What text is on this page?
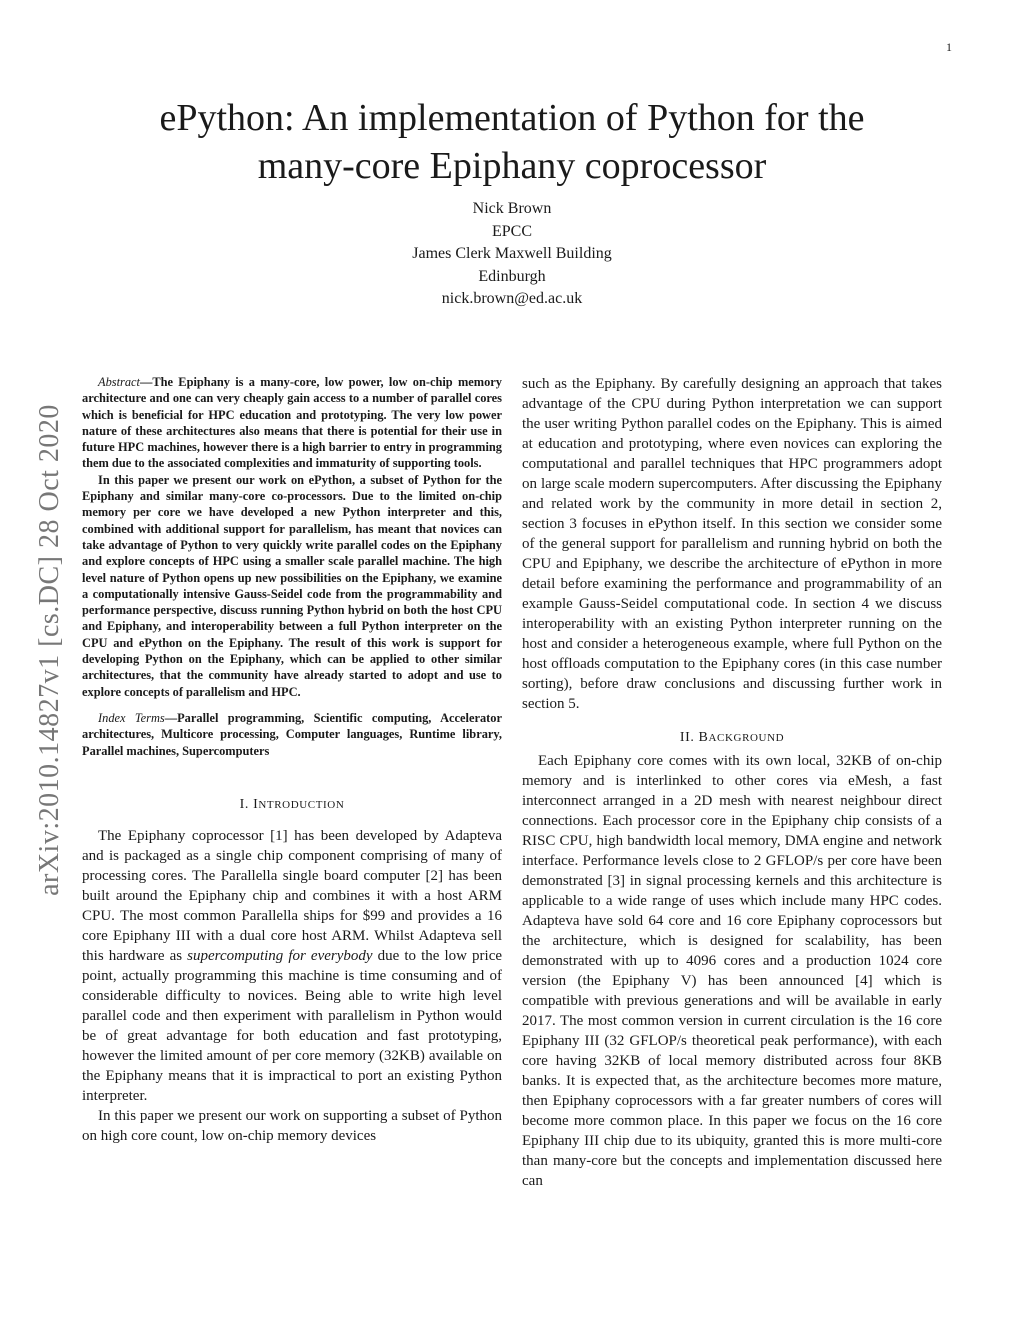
1
arXiv:2010.14827v1 [cs.DC] 28 Oct 2020
ePython: An implementation of Python for the
many-core Epiphany coprocessor
Nick Brown
EPCC
James Clerk Maxwell Building
Edinburgh
nick.brown@ed.ac.uk

Abstract—The Epiphany is a many-core, low power, low on-chip memory architecture and one can very cheaply gain access to a number of parallel cores which is beneficial for HPC education and prototyping. The very low power nature of these architectures also means that there is potential for their use in future HPC machines, however there is a high barrier to entry in programming them due to the associated complexities and immaturity of supporting tools.

In this paper we present our work on ePython, a subset of Python for the Epiphany and similar many-core co-processors. Due to the limited on-chip memory per core we have developed a new Python interpreter and this, combined with additional support for parallelism, has meant that novices can take advantage of Python to very quickly write parallel codes on the Epiphany and explore concepts of HPC using a smaller scale parallel machine. The high level nature of Python opens up new possibilities on the Epiphany, we examine a computationally intensive Gauss-Seidel code from the programmability and performance perspective, discuss running Python hybrid on both the host CPU and Epiphany, and interoperability between a full Python interpreter on the CPU and ePython on the Epiphany. The result of this work is support for developing Python on the Epiphany, which can be applied to other similar architectures, that the community have already started to adopt and use to explore concepts of parallelism and HPC.

Index Terms—Parallel programming, Scientific computing, Accelerator architectures, Multicore processing, Computer languages, Runtime library, Parallel machines, Supercomputers

I. INTRODUCTION

The Epiphany coprocessor [1] has been developed by Adapteva and is packaged as a single chip component comprising of many of processing cores. The Parallella single board computer [2] has been built around the Epiphany chip and combines it with a host ARM CPU. The most common Parallella ships for $99 and provides a 16 core Epiphany III with a dual core host ARM. Whilst Adapteva sell this hardware as supercomputing for everybody due to the low price point, actually programming this machine is time consuming and of considerable difficulty to novices. Being able to write high level parallel code and then experiment with parallelism in Python would be of great advantage for both education and fast prototyping, however the limited amount of per core memory (32KB) available on the Epiphany means that it is impractical to port an existing Python interpreter.

In this paper we present our work on supporting a subset of Python on high core count, low on-chip memory devices

such as the Epiphany. By carefully designing an approach that takes advantage of the CPU during Python interpretation we can support the user writing Python parallel codes on the Epiphany. This is aimed at education and prototyping, where even novices can exploring the computational and parallel techniques that HPC programmers adopt on large scale modern supercomputers. After discussing the Epiphany and related work by the community in more detail in section 2, section 3 focuses in ePython itself. In this section we consider some of the general support for parallelism and running hybrid on both the CPU and Epiphany, we describe the architecture of ePython in more detail before examining the performance and programmability of an example Gauss-Seidel computational code. In section 4 we discuss interoperability with an existing Python interpreter running on the host and consider a heterogeneous example, where full Python on the host offloads computation to the Epiphany cores (in this case number sorting), before draw conclusions and discussing further work in section 5.

II. BACKGROUND

Each Epiphany core comes with its own local, 32KB of on-chip memory and is interlinked to other cores via eMesh, a fast interconnect arranged in a 2D mesh with nearest neighbour direct connections. Each processor core in the Epiphany chip consists of a RISC CPU, high bandwidth local memory, DMA engine and network interface. Performance levels close to 2 GFLOP/s per core have been demonstrated [3] in signal processing kernels and this architecture is applicable to a wide range of uses which include many HPC codes. Adapteva have sold 64 core and 16 core Epiphany coprocessors but the architecture, which is designed for scalability, has been demonstrated with up to 4096 cores and a production 1024 core version (the Epiphany V) has been announced [4] which is compatible with previous generations and will be available in early 2017. The most common version in current circulation is the 16 core Epiphany III (32 GFLOP/s theoretical peak performance), with each core having 32KB of local memory distributed across four 8KB banks. It is expected that, as the architecture becomes more mature, then Epiphany coprocessors with a far greater numbers of cores will become more common place. In this paper we focus on the 16 core Epiphany III chip due to its ubiquity, granted this is more multi-core than many-core but the concepts and implementation discussed here can
